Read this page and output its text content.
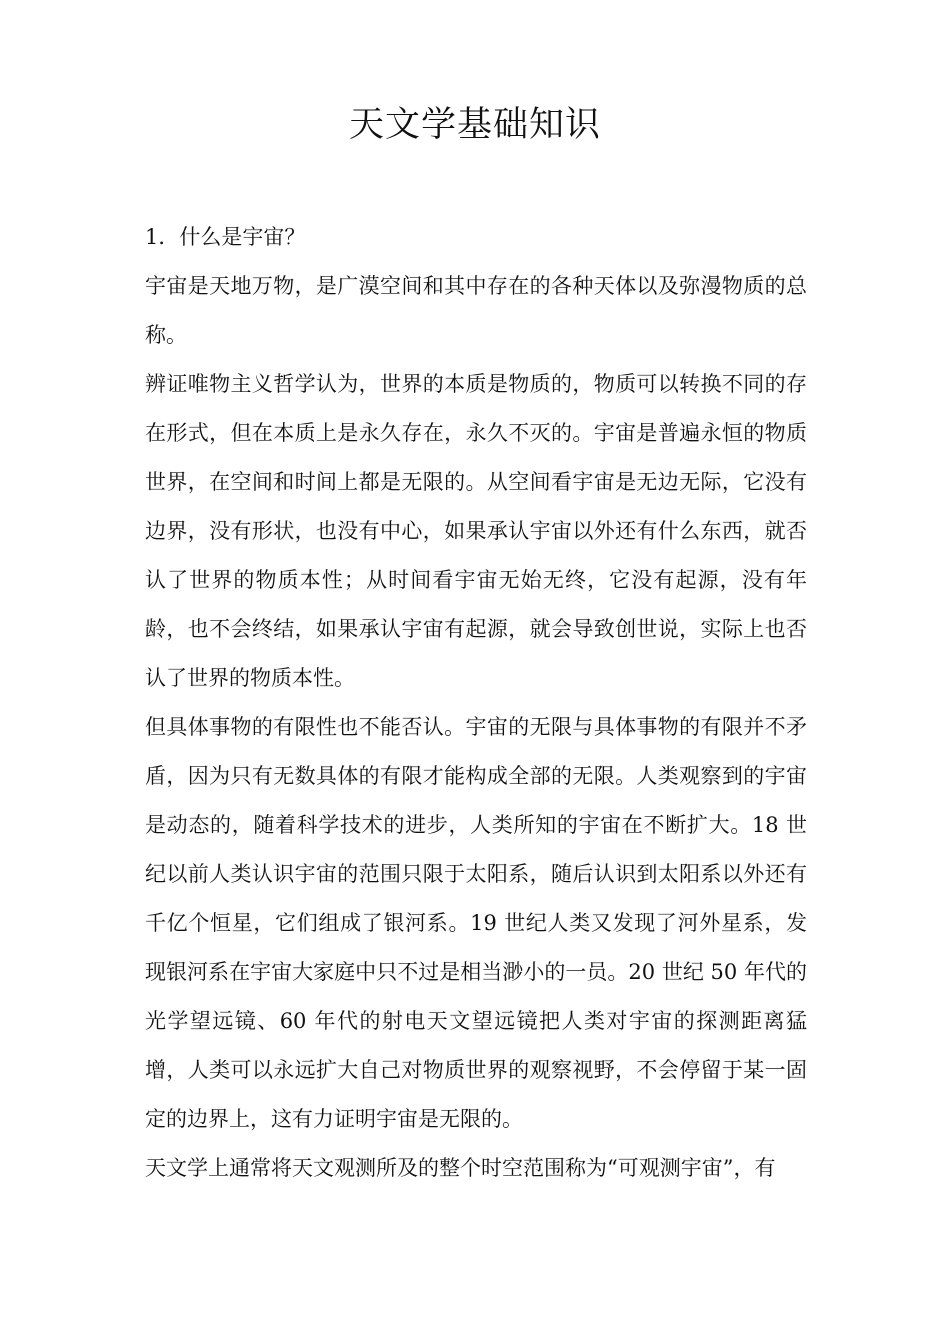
天文学基础知识

1．什么是宇宙？

宇宙是天地万物，是广漠空间和其中存在的各种天体以及弥漫物质的总称。

辨证唯物主义哲学认为，世界的本质是物质的，物质可以转换不同的存在形式，但在本质上是永久存在，永久不灭的。宇宙是普遍永恒的物质世界，在空间和时间上都是无限的。从空间看宇宙是无边无际，它没有边界，没有形状，也没有中心，如果承认宇宙以外还有什么东西，就否认了世界的物质本性；从时间看宇宙无始无终，它没有起源，没有年龄，也不会终结，如果承认宇宙有起源，就会导致创世说，实际上也否认了世界的物质本性。

但具体事物的有限性也不能否认。宇宙的无限与具体事物的有限并不矛盾，因为只有无数具体的有限才能构成全部的无限。人类观察到的宇宙是动态的，随着科学技术的进步，人类所知的宇宙在不断扩大。18 世纪以前人类认识宇宙的范围只限于太阳系，随后认识到太阳系以外还有千亿个恒星，它们组成了银河系。19 世纪人类又发现了河外星系，发现银河系在宇宙大家庭中只不过是相当渺小的一员。20 世纪 50 年代的光学望远镜、60 年代的射电天文望远镜把人类对宇宙的探测距离猛增，人类可以永远扩大自己对物质世界的观察视野，不会停留于某一固定的边界上，这有力证明宇宙是无限的。

天文学上通常将天文观测所及的整个时空范围称为“可观测宇宙”，有
